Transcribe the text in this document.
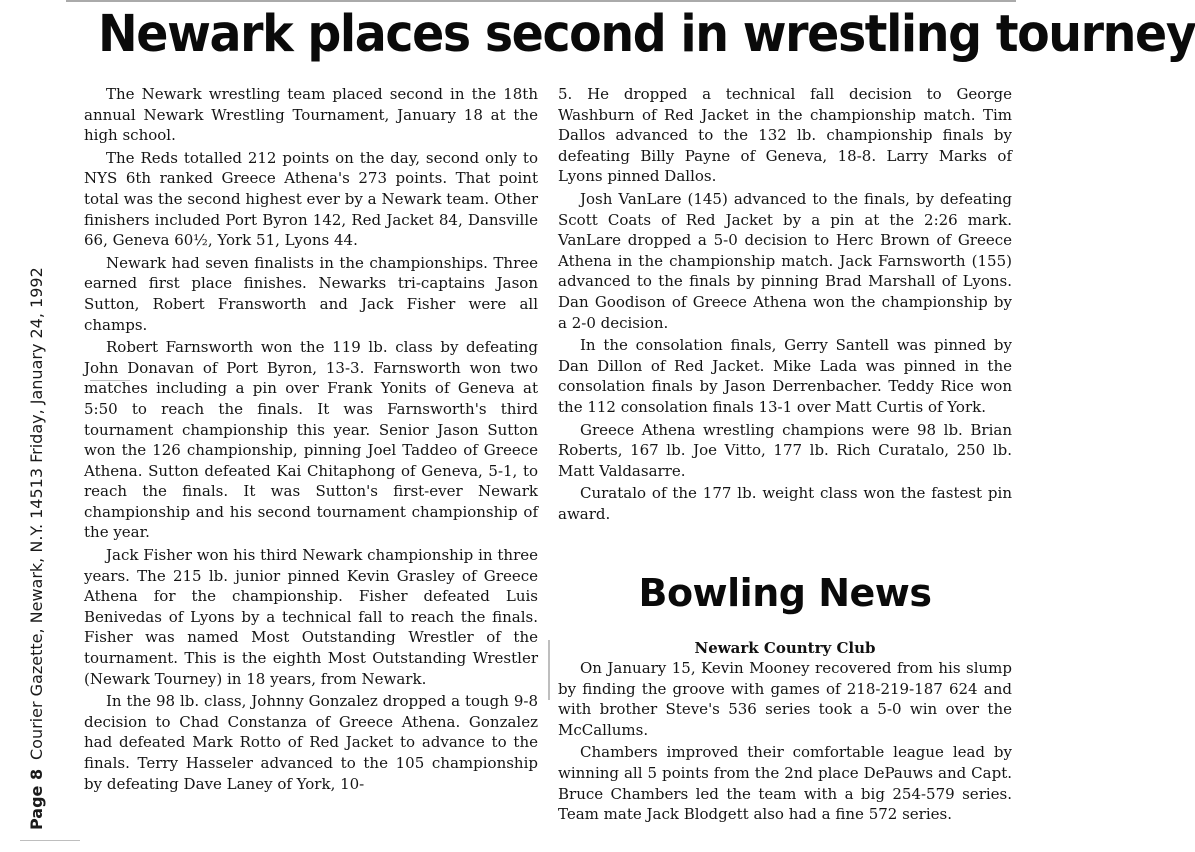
Newark places second in wrestling tourney
Page 8Courier Gazette, Newark, N.Y. 14513 Friday, January 24, 1992

The Newark wrestling team placed second in the 18th annual Newark Wrestling Tournament, January 18 at the high school.

The Reds totalled 212 points on the day, second only to NYS 6th ranked Greece Athena's 273 points. That point total was the second highest ever by a Newark team. Other finishers included Port Byron 142, Red Jacket 84, Dansville 66, Geneva 60½, York 51, Lyons 44.

Newark had seven finalists in the championships. Three earned first place finishes. Newarks tri-captains Jason Sutton, Robert Fransworth and Jack Fisher were all champs.

Robert Farnsworth won the 119 lb. class by defeating John Donavan of Port Byron, 13-3. Farnsworth won two matches including a pin over Frank Yonits of Geneva at 5:50 to reach the finals. It was Farnsworth's third tournament championship this year. Senior Jason Sutton won the 126 championship, pinning Joel Taddeo of Greece Athena. Sutton defeated Kai Chitaphong of Geneva, 5-1, to reach the finals. It was Sutton's first-ever Newark championship and his second tournament championship of the year.

Jack Fisher won his third Newark championship in three years. The 215 lb. junior pinned Kevin Grasley of Greece Athena for the championship. Fisher defeated Luis Benivedas of Lyons by a technical fall to reach the finals. Fisher was named Most Outstanding Wrestler of the tournament. This is the eighth Most Outstanding Wrestler (Newark Tourney) in 18 years, from Newark.

In the 98 lb. class, Johnny Gonzalez dropped a tough 9-8 decision to Chad Constanza of Greece Athena. Gonzalez had defeated Mark Rotto of Red Jacket to advance to the finals. Terry Hasseler advanced to the 105 championship by defeating Dave Laney of York, 10-

5. He dropped a technical fall decision to George Washburn of Red Jacket in the championship match. Tim Dallos advanced to the 132 lb. championship finals by defeating Billy Payne of Geneva, 18-8. Larry Marks of Lyons pinned Dallos.

Josh VanLare (145) advanced to the finals, by defeating Scott Coats of Red Jacket by a pin at the 2:26 mark. VanLare dropped a 5-0 decision to Herc Brown of Greece Athena in the championship match. Jack Farnsworth (155) advanced to the finals by pinning Brad Marshall of Lyons. Dan Goodison of Greece Athena won the championship by a 2-0 decision.

In the consolation finals, Gerry Santell was pinned by Dan Dillon of Red Jacket. Mike Lada was pinned in the consolation finals by Jason Derrenbacher. Teddy Rice won the 112 consolation finals 13-1 over Matt Curtis of York.

Greece Athena wrestling champions were 98 lb. Brian Roberts, 167 lb. Joe Vitto, 177 lb. Rich Curatalo, 250 lb. Matt Valdasarre.

Curatalo of the 177 lb. weight class won the fastest pin award.

Bowling News
Newark Country Club

On January 15, Kevin Mooney recovered from his slump by finding the groove with games of 218-219-187 624 and with brother Steve's 536 series took a 5-0 win over the McCallums.

Chambers improved their comfortable league lead by winning all 5 points from the 2nd place DePauws and Capt. Bruce Chambers led the team with a big 254-579 series. Team mate Jack Blodgett also had a fine 572 series.
